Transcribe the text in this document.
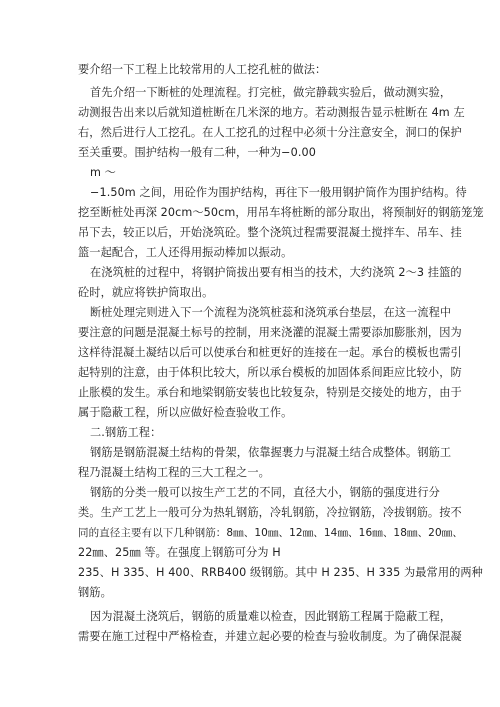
要介绍一下工程上比较常用的人工挖孔桩的做法：
首先介绍一下断桩的处理流程。打完桩，做完静载实验后，做动测实验，
动测报告出来以后就知道桩断在几米深的地方。若动测报告显示桩断在 4m 左
右，然后进行人工挖孔。在人工挖孔的过程中必须十分注意安全，洞口的保护
至关重要。围护结构一般有二种，一种为−0.00
m ～
−1.50m 之间，用砼作为围护结构，再往下一般用钢护筒作为围护结构。待
挖至断桩处再深 20cm～50cm，用吊车将桩断的部分取出，将预制好的钢筋笼笼
吊下去，较正以后，开始浇筑砼。整个浇筑过程需要混凝土搅拌车、吊车、挂
篮一起配合，工人还得用振动棒加以振动。
在浇筑桩的过程中，将钢护筒拔出要有相当的技术，大约浇筑 2～3 挂篮的
砼时，就应将铁护筒取出。
断桩处理完则进入下一个流程为浇筑桩蕊和浇筑承台垫层，在这一流程中
要注意的问题是混凝土标号的控制，用来浇灌的混凝土需要添加膨胀剂，因为
这样待混凝土凝结以后可以使承台和桩更好的连接在一起。承台的模板也需引
起特别的注意，由于体积比较大，所以承台模板的加固体系间距应比较小，防
止胀模的发生。承台和地梁钢筋安装也比较复杂，特别是交接处的地方，由于
属于隐蔽工程，所以应做好检查验收工作。
二.钢筋工程：
钢筋是钢筋混凝土结构的骨架，依靠握裹力与混凝土结合成整体。钢筋工
程乃混凝土结构工程的三大工程之一。
钢筋的分类一般可以按生产工艺的不同，直径大小，钢筋的强度进行分
类。生产工艺上一般可分为热轧钢筋，冷轧钢筋，冷拉钢筋，冷拔钢筋。按不
同的直径主要有以下几种钢筋：8㎜、10㎜、12㎜、14㎜、16㎜、18㎜、20㎜、
22㎜、25㎜ 等。在强度上钢筋可分为 H
235、H 335、H 400、RRB400 级钢筋。其中 H 235、H 335 为最常用的两种
钢筋。
因为混凝土浇筑后，钢筋的质量难以检查，因此钢筋工程属于隐蔽工程，
需要在施工过程中严格检查，并建立起必要的检查与验收制度。为了确保混凝
